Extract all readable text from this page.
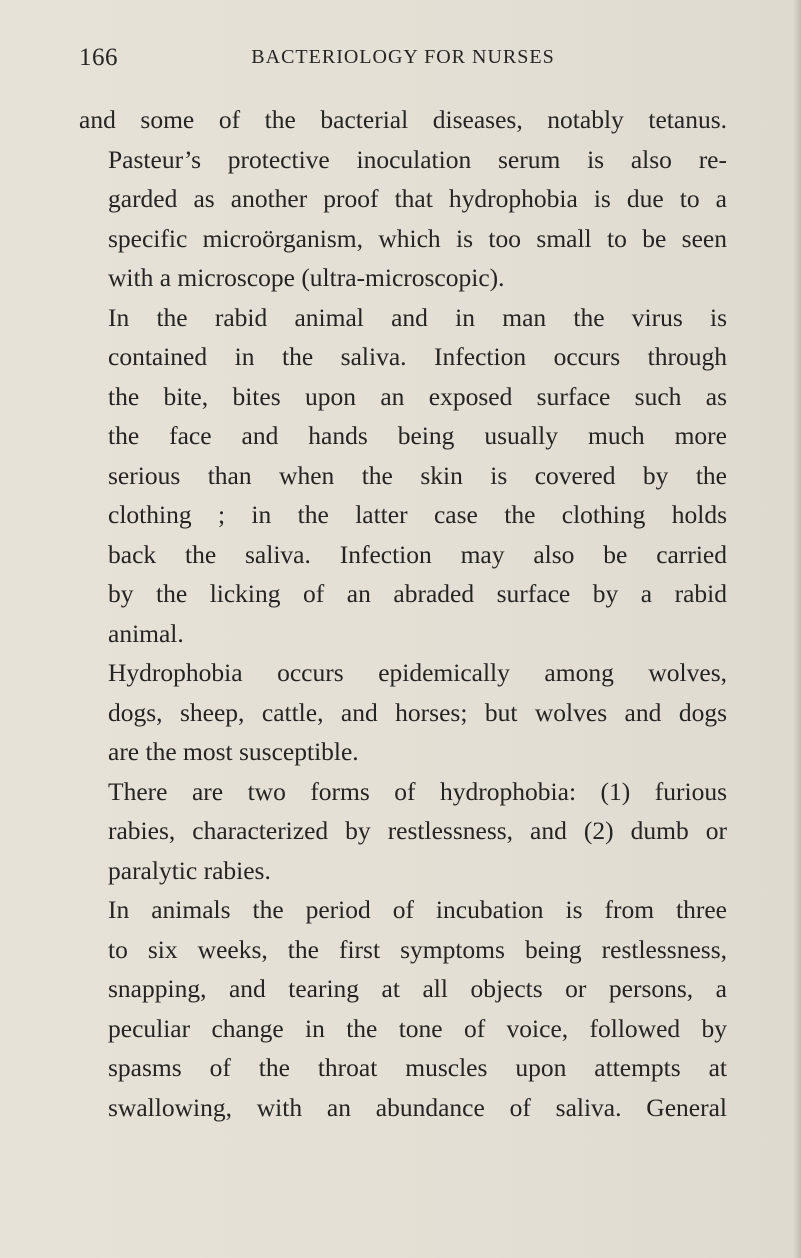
166	BACTERIOLOGY FOR NURSES
and some of the bacterial diseases, notably tetanus.
Pasteur’s protective inoculation serum is also re-
garded as another proof that hydrophobia is due to a
specific microörganism, which is too small to be seen
with a microscope (ultra-microscopic).
In the rabid animal and in man the virus is
contained in the saliva. Infection occurs through
the bite, bites upon an exposed surface such as
the face and hands being usually much more
serious than when the skin is covered by the
clothing ; in the latter case the clothing holds
back the saliva. Infection may also be carried
by the licking of an abraded surface by a rabid
animal.
Hydrophobia occurs epidemically among wolves,
dogs, sheep, cattle, and horses; but wolves and dogs
are the most susceptible.
There are two forms of hydrophobia: (1) furious
rabies, characterized by restlessness, and (2) dumb or
paralytic rabies.
In animals the period of incubation is from three
to six weeks, the first symptoms being restlessness,
snapping, and tearing at all objects or persons, a
peculiar change in the tone of voice, followed by
spasms of the throat muscles upon attempts at
swallowing, with an abundance of saliva. General
